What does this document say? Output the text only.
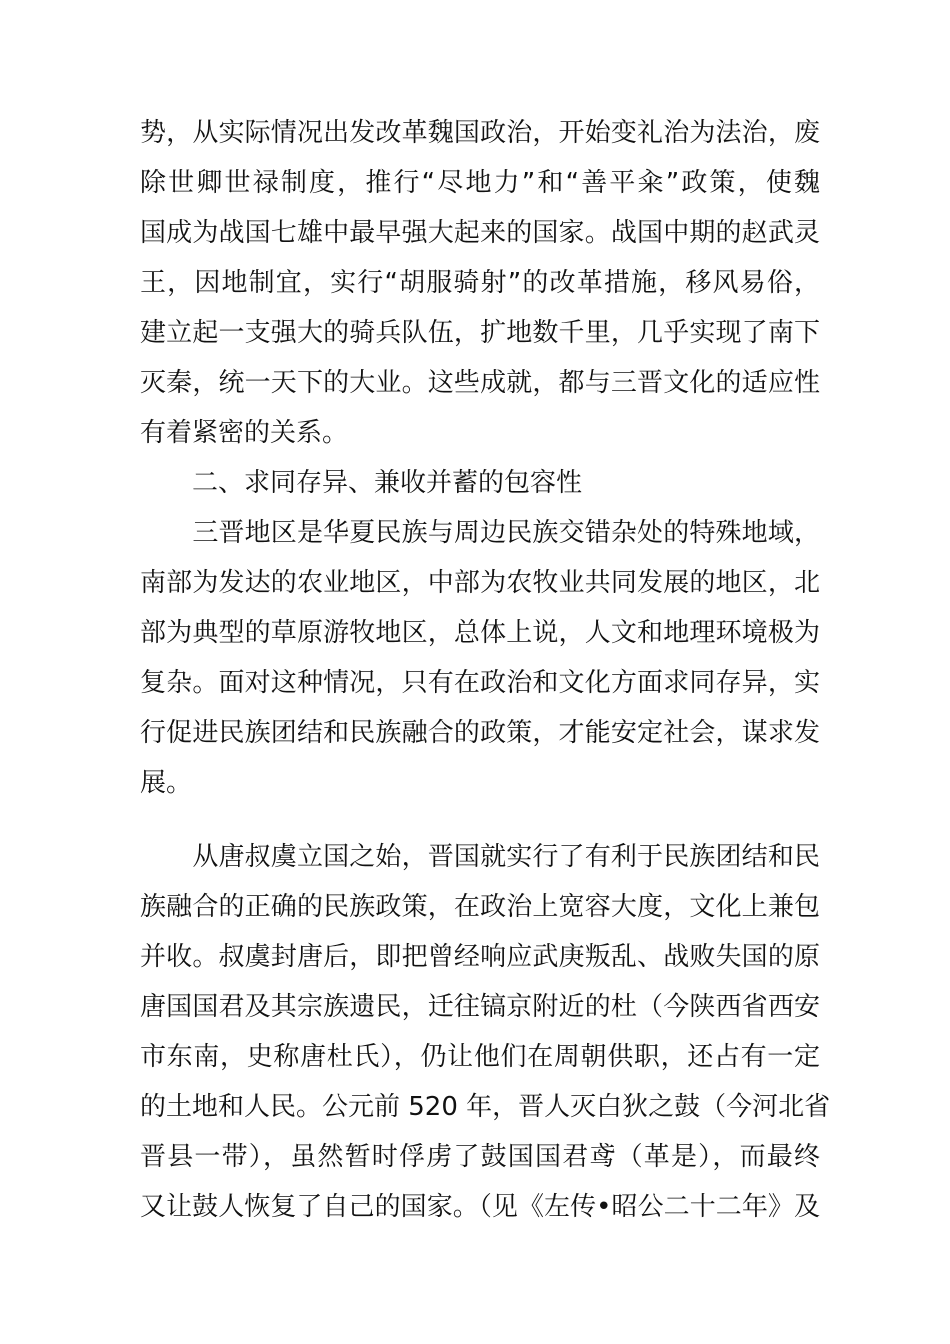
势，从实际情况出发改革魏国政治，开始变礼治为法治，废
除世卿世禄制度，推行“尽地力”和“善平籴”政策，使魏
国成为战国七雄中最早强大起来的国家。战国中期的赵武灵
王，因地制宜，实行“胡服骑射”的改革措施，移风易俗，
建立起一支强大的骑兵队伍，扩地数千里，几乎实现了南下
灭秦，统一天下的大业。这些成就，都与三晋文化的适应性
有着紧密的关系。
　　二、求同存异、兼收并蓄的包容性
　　三晋地区是华夏民族与周边民族交错杂处的特殊地域，
南部为发达的农业地区，中部为农牧业共同发展的地区，北
部为典型的草原游牧地区，总体上说，人文和地理环境极为
复杂。面对这种情况，只有在政治和文化方面求同存异，实
行促进民族团结和民族融合的政策，才能安定社会，谋求发
展。
　　从唐叔虞立国之始，晋国就实行了有利于民族团结和民
族融合的正确的民族政策，在政治上宽容大度，文化上兼包
并收。叔虞封唐后，即把曾经响应武庚叛乱、战败失国的原
唐国国君及其宗族遗民，迁往镐京附近的杜（今陕西省西安
市东南，史称唐杜氏），仍让他们在周朝供职，还占有一定
的土地和人民。公元前 520 年，晋人灭白狄之鼓（今河北省
晋县一带），虽然暂时俘虏了鼓国国君鸢（革是），而最终
又让鼓人恢复了自己的国家。（见《左传•昭公二十二年》及
